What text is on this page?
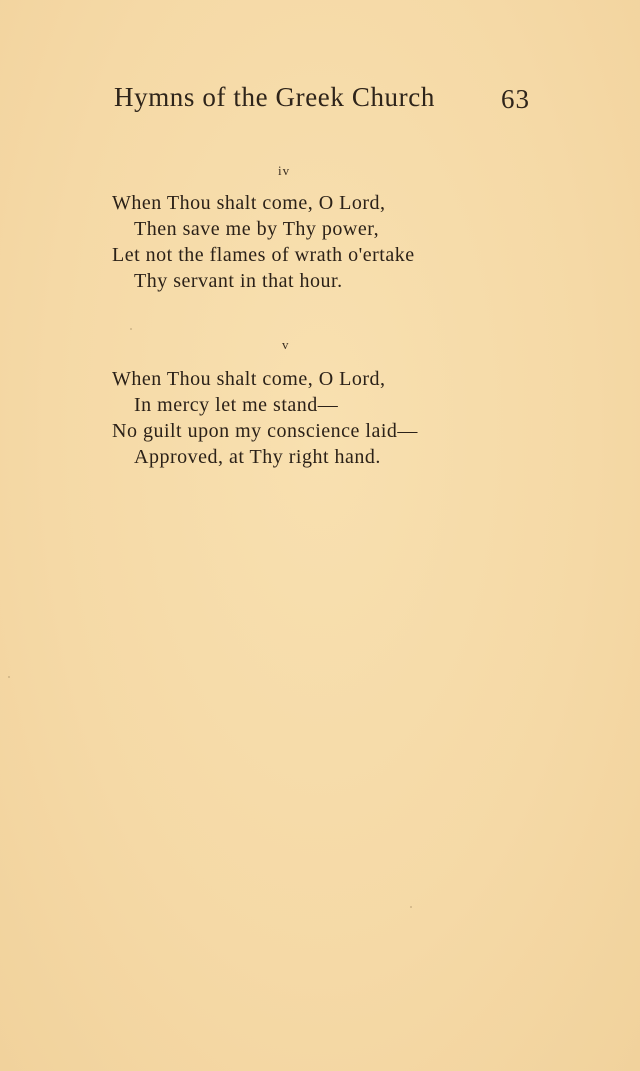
Hymns of the Greek Church 63
iv
When Thou shalt come, O Lord,
Then save me by Thy power,
Let not the flames of wrath o'ertake
Thy servant in that hour.
v
When Thou shalt come, O Lord,
In mercy let me stand—
No guilt upon my conscience laid—
Approved, at Thy right hand.
